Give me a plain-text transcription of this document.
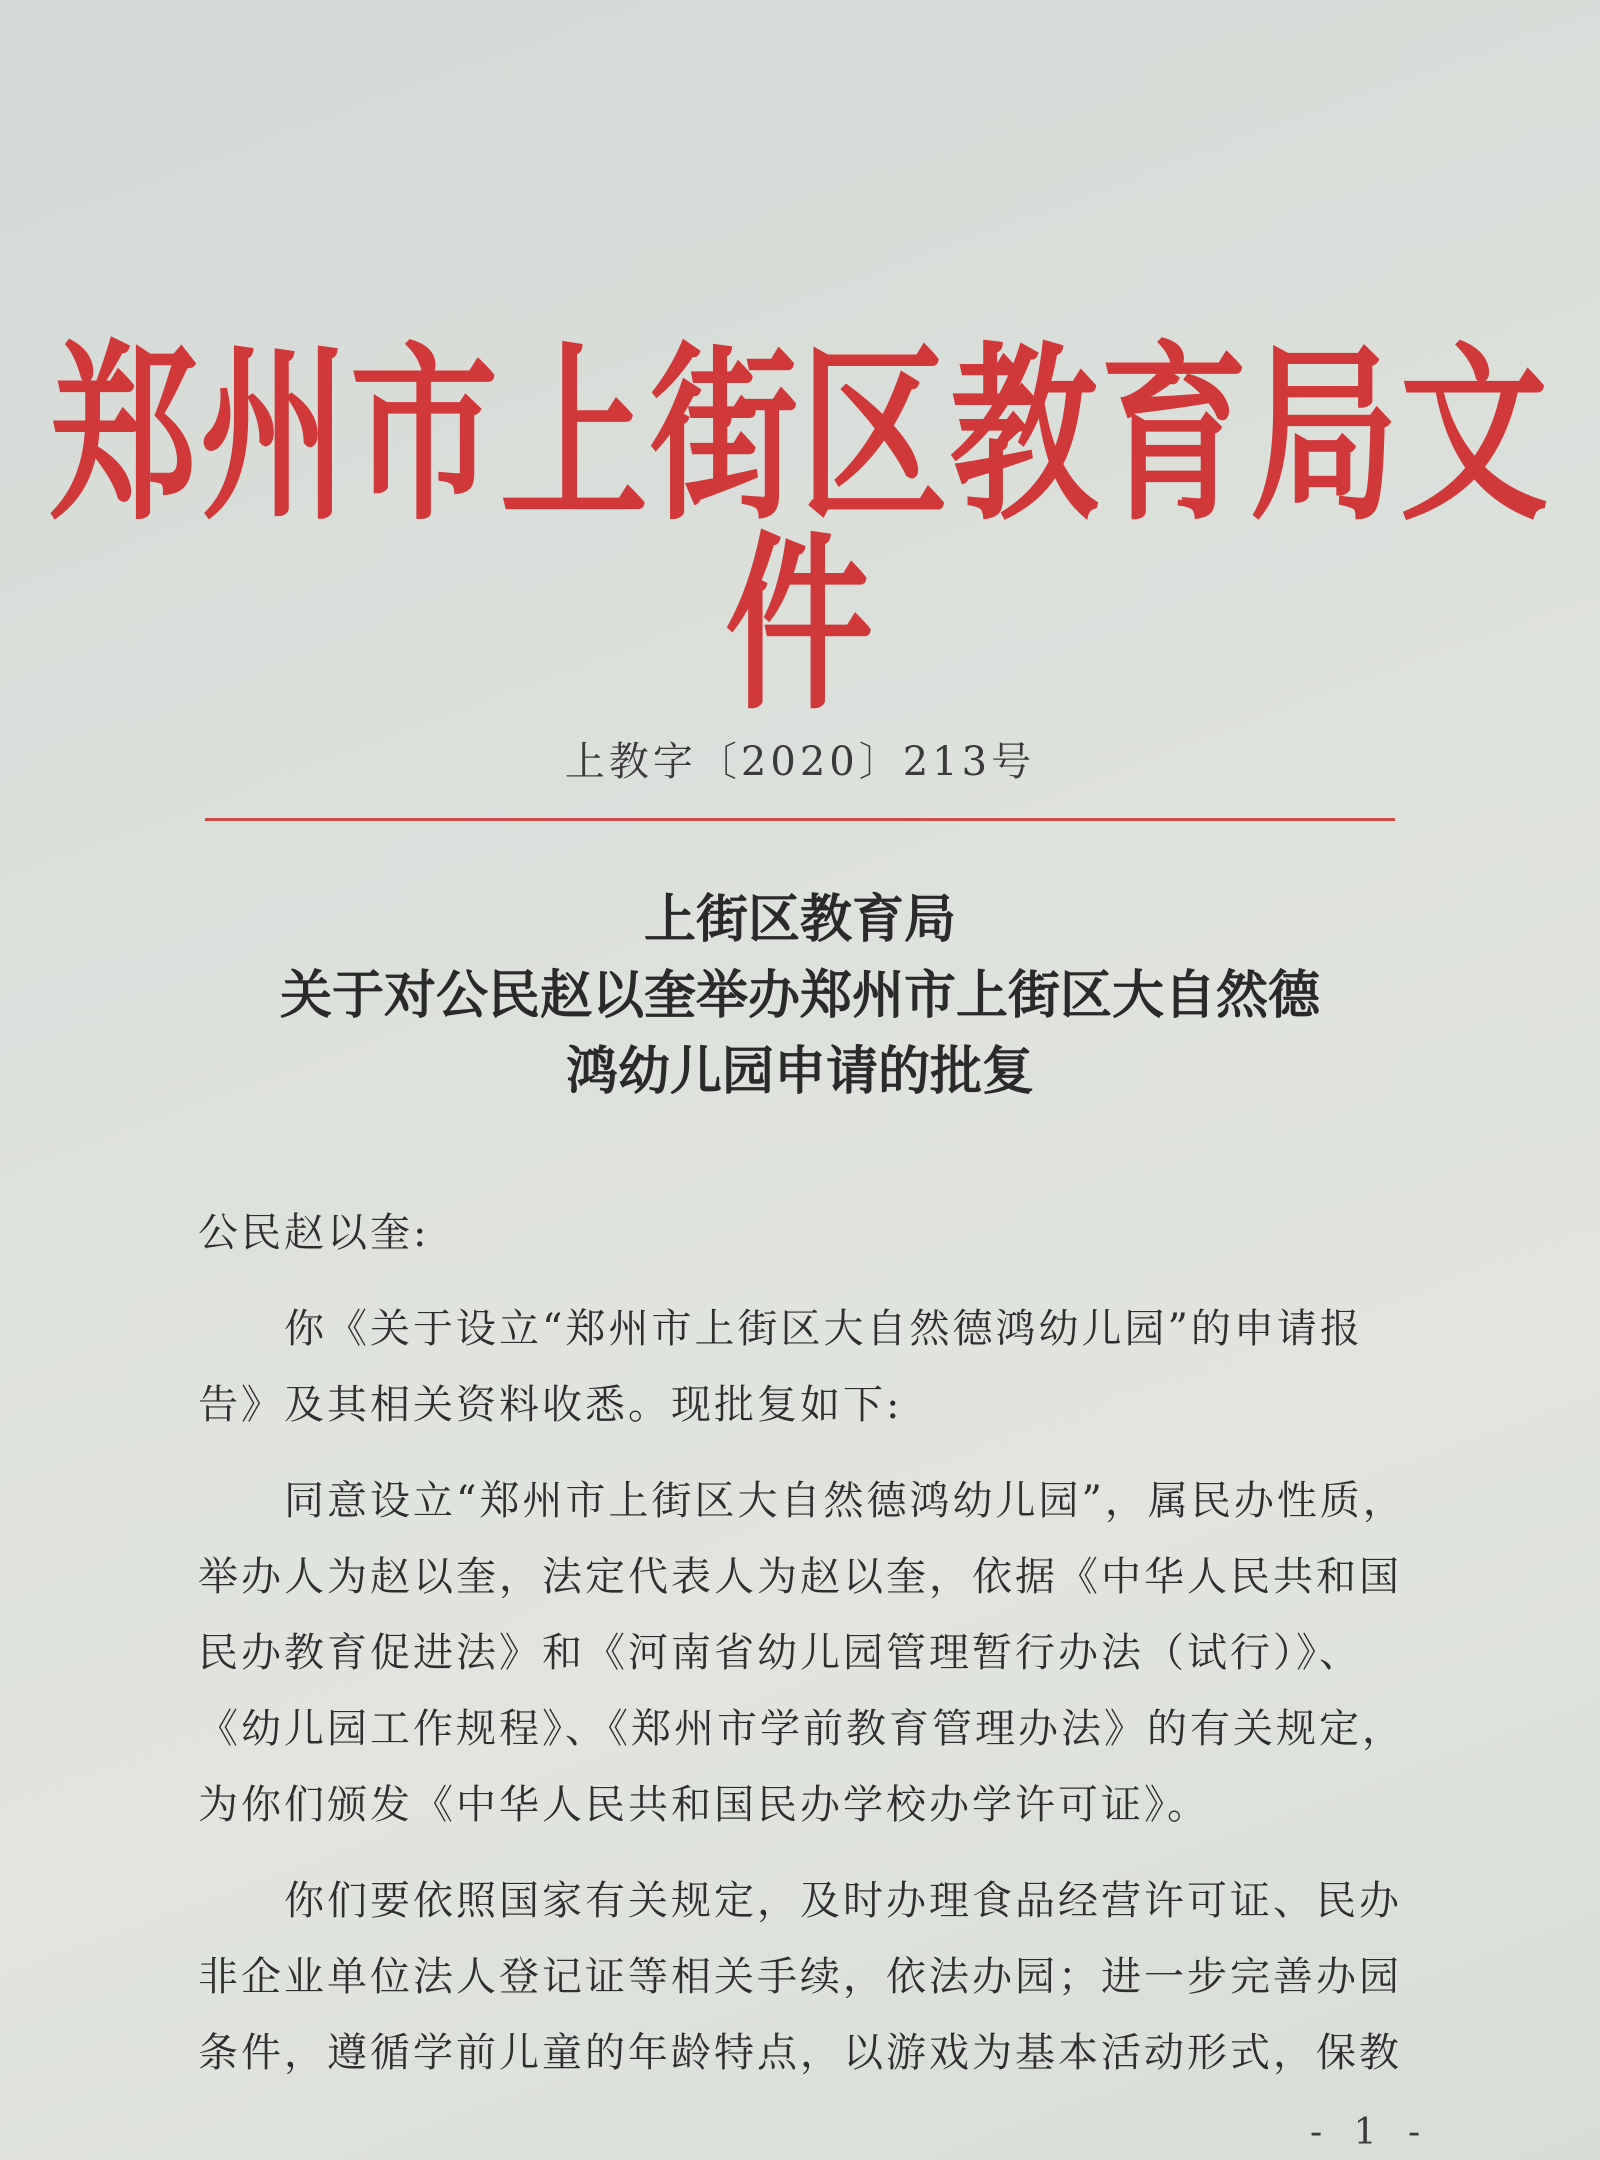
郑州市上街区教育局文件
上教字〔2020〕213号
上街区教育局
关于对公民赵以奎举办郑州市上街区大自然德
鸿幼儿园申请的批复
公民赵以奎:
　　你《关于设立“郑州市上街区大自然德鸿幼儿园”的申请报
告》及其相关资料收悉。现批复如下:
　　同意设立“郑州市上街区大自然德鸿幼儿园”，属民办性质，
举办人为赵以奎，法定代表人为赵以奎，依据《中华人民共和国
民办教育促进法》和《河南省幼儿园管理暂行办法（试行）》、
《幼儿园工作规程》、《郑州市学前教育管理办法》的有关规定，
为你们颁发《中华人民共和国民办学校办学许可证》。
　　你们要依照国家有关规定，及时办理食品经营许可证、民办
非企业单位法人登记证等相关手续，依法办园；进一步完善办园
条件，遵循学前儿童的年龄特点，以游戏为基本活动形式，保教
- 1 -
